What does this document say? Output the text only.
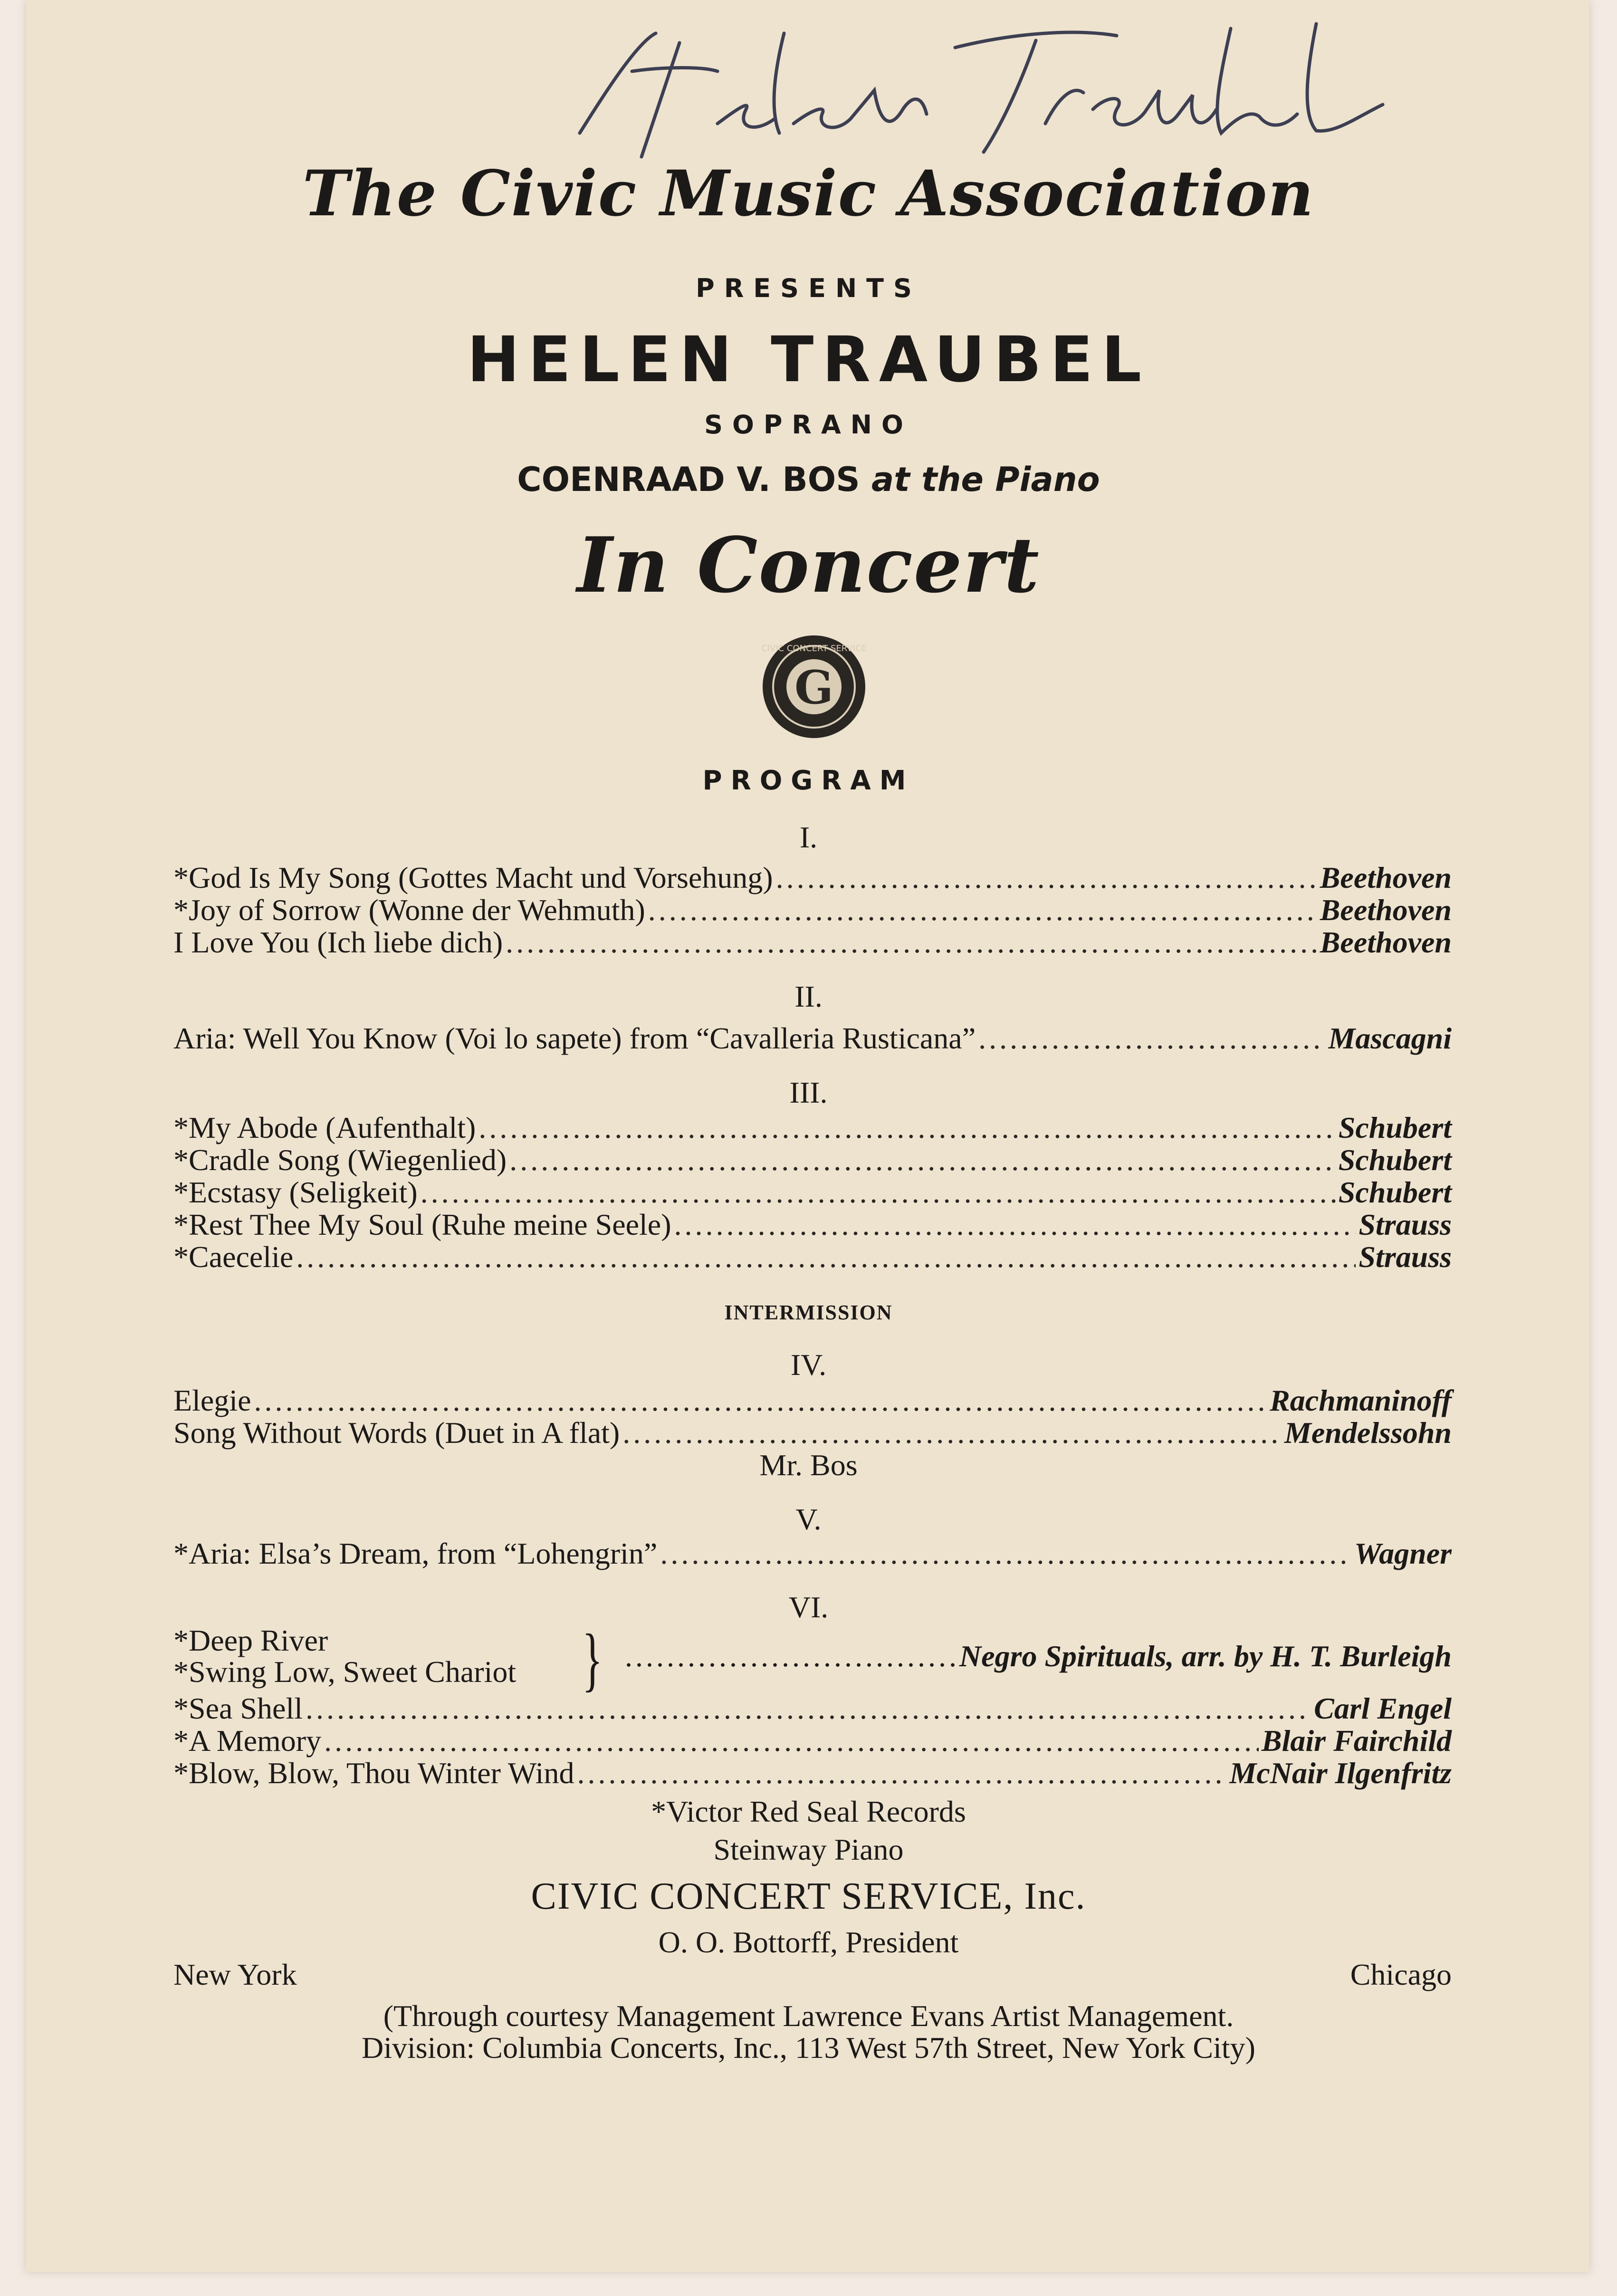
The Civic Music Association
PRESENTS
HELEN TRAUBEL
SOPRANO
COENRAAD V. BOS at the Piano
In Concert
G
CIVIC CONCERT SERVICE
PROGRAM
I.
*God Is My Song (Gottes Macht und Vorsehung) .....	Beethoven
*Joy of Sorrow (Wonne der Wehmuth) .....	Beethoven
I Love You (Ich liebe dich) .....	Beethoven
II.
Aria: Well You Know (Voi lo sapete) from “Cavalleria Rusticana” .....	Mascagni
III.
*My Abode (Aufenthalt) .....	Schubert
*Cradle Song (Wiegenlied) .....	Schubert
*Ecstasy (Seligkeit) .....	Schubert
*Rest Thee My Soul (Ruhe meine Seele) .....	Strauss
*Caecelie .....	Strauss
INTERMISSION
IV.
Elegie .....	Rachmaninoff
Song Without Words (Duet in A flat) .....	Mendelssohn
Mr. Bos
V.
*Aria: Elsa’s Dream, from “Lohengrin” .....	Wagner
VI.
*Deep River
*Swing Low, Sweet Chariot } .....	Negro Spirituals, arr. by H. T. Burleigh
*Sea Shell .....	Carl Engel
*A Memory .....	Blair Fairchild
*Blow, Blow, Thou Winter Wind .....	McNair Ilgenfritz
*Victor Red Seal Records
Steinway Piano
CIVIC CONCERT SERVICE, Inc.
O. O. Bottorff, President
New York	Chicago
(Through courtesy Management Lawrence Evans Artist Management.
Division: Columbia Concerts, Inc., 113 West 57th Street, New York City)
